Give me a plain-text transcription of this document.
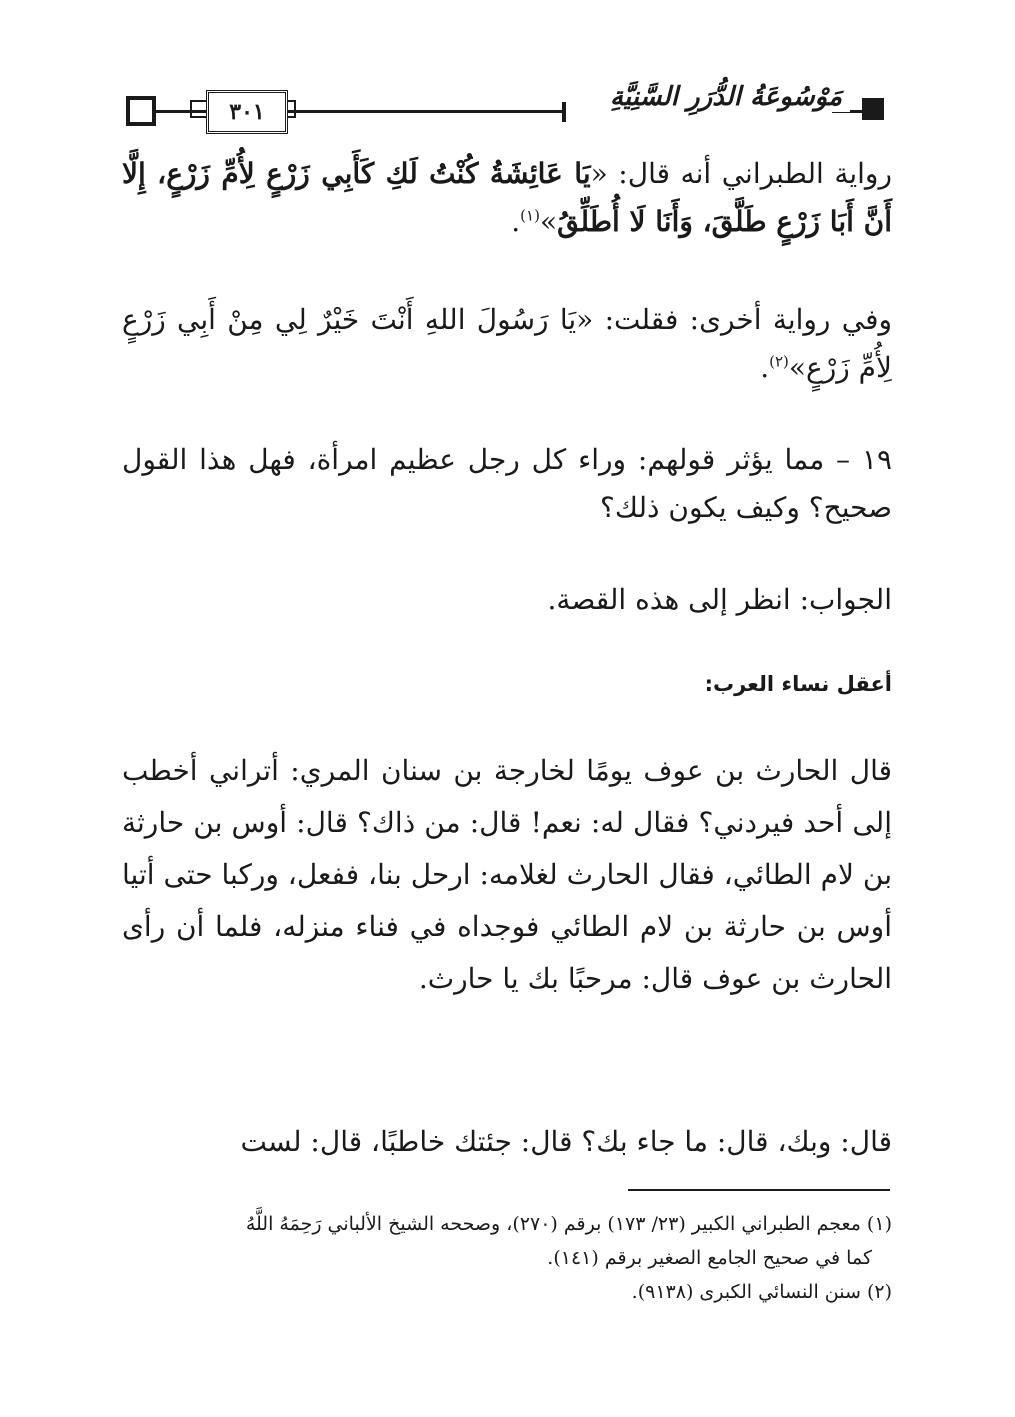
٣٠١	مَوْسُوعَةُ الدُّرَرِ السَّنِيَّةِ
رواية الطبراني أنه قال: «يَا عَائِشَةُ كُنْتُ لَكِ كَأَبِي زَرْعٍ لِأُمِّ زَرْعٍ، إِلَّا أَنَّ أَبَا زَرْعٍ طَلَّقَ، وَأَنَا لَا أُطَلِّقُ»$^{(١)}$.
وفي رواية أخرى: فقلت: «يَا رَسُولَ اللهِ أَنْتَ خَيْرٌ لِي مِنْ أَبِي زَرْعٍ لِأُمِّ زَرْعٍ»$^{(٢)}$.
١٩ – مما يؤثر قولهم: وراء كل رجل عظيم امرأة، فهل هذا القول صحيح؟ وكيف يكون ذلك؟
الجواب: انظر إلى هذه القصة.
أعقل نساء العرب:
قال الحارث بن عوف يومًا لخارجة بن سنان المري: أتراني أخطب إلى أحد فيردني؟ فقال له: نعم! قال: من ذاك؟ قال: أوس بن حارثة بن لام الطائي، فقال الحارث لغلامه: ارحل بنا، ففعل، وركبا حتى أتيا أوس بن حارثة بن لام الطائي فوجداه في فناء منزله، فلما أن رأى الحارث بن عوف قال: مرحبًا بك يا حارث.
قال: وبك، قال: ما جاء بك؟ قال: جئتك خاطبًا، قال: لست
(١) معجم الطبراني الكبير (٢٣/ ١٧٣) برقم (٢٧٠)، وصححه الشيخ الألباني رَحِمَهُ اللَّهُ
كما في صحيح الجامع الصغير برقم (١٤١).
(٢) سنن النسائي الكبرى (٩١٣٨).
